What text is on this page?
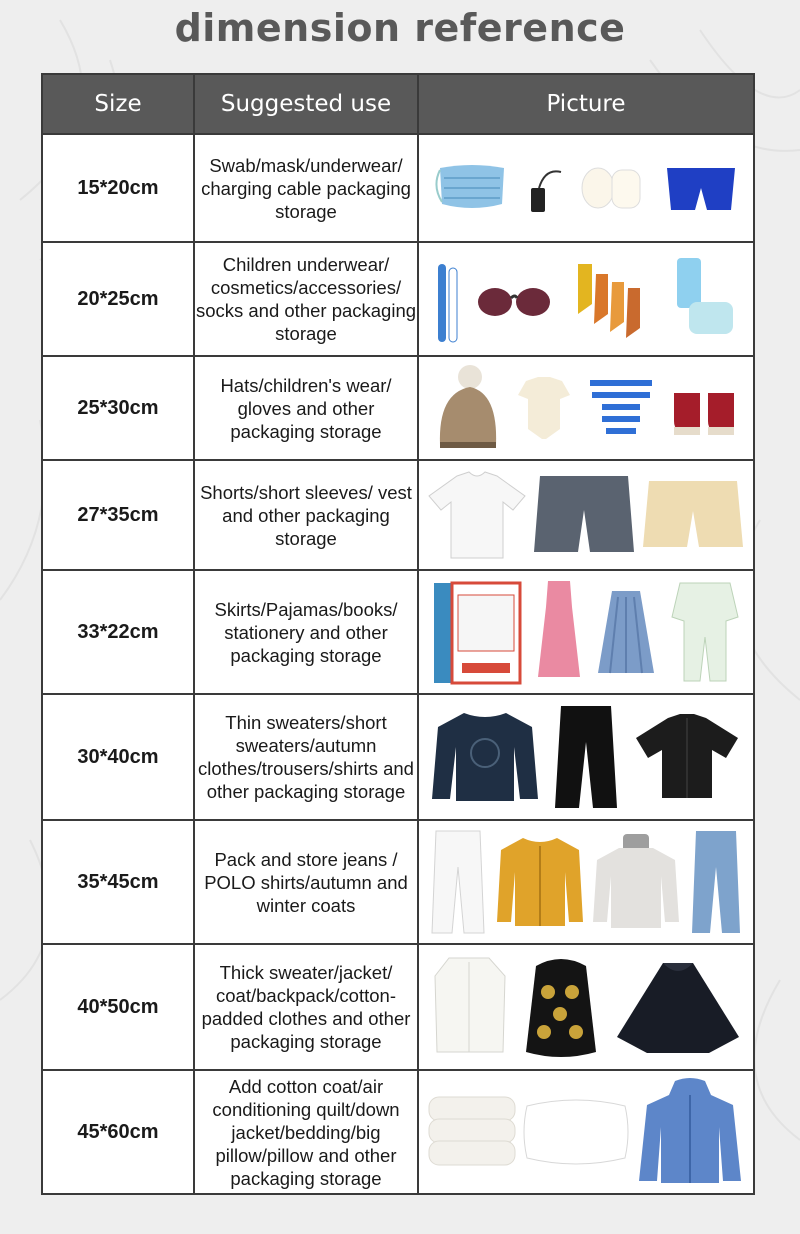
dimension reference
Size	Suggested use	Picture
15*20cm	Swab/mask/underwear/ charging cable packaging storage	

20*25cm	Children underwear/ cosmetics/accessories/ socks and other packaging storage	

25*30cm	Hats/children's wear/ gloves and other packaging storage	

27*35cm	Shorts/short sleeves/ vest and other packaging storage	

33*22cm	Skirts/Pajamas/books/ stationery and other packaging storage	

30*40cm	Thin sweaters/short sweaters/autumn clothes/trousers/shirts and other packaging storage	

35*45cm	Pack and store jeans / POLO shirts/autumn and winter coats	

40*50cm	Thick sweater/jacket/ coat/backpack/cotton-padded clothes and other packaging storage	

45*60cm	Add cotton coat/air conditioning quilt/down jacket/bedding/big pillow/pillow and other packaging storage	
